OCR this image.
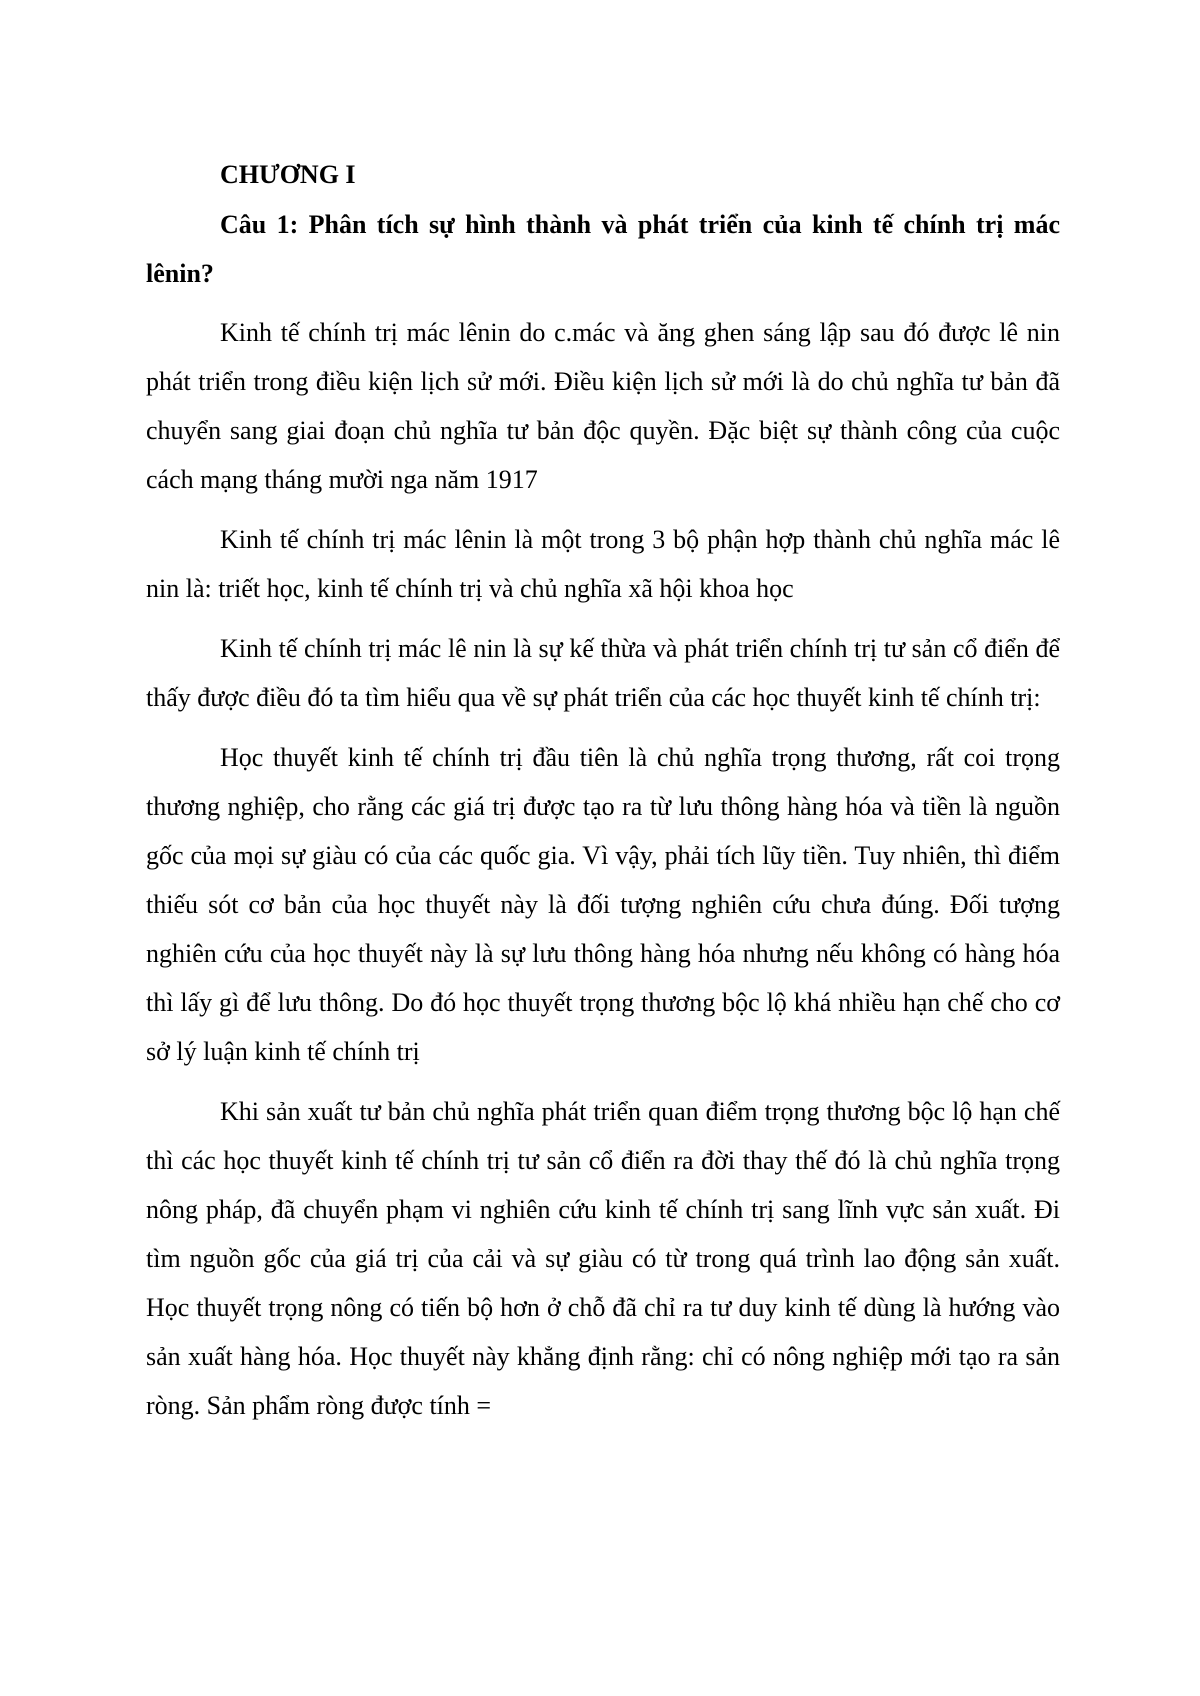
CHƯƠNG I
Câu 1: Phân tích sự hình thành và phát triển của kinh tế chính trị mác lênin?

Kinh tế chính trị mác lênin do c.mác và ăng ghen sáng lập sau đó được lê nin phát triển trong điều kiện lịch sử mới. Điều kiện lịch sử mới là do chủ nghĩa tư bản đã chuyển sang giai đoạn chủ nghĩa tư bản độc quyền. Đặc biệt sự thành công của cuộc cách mạng tháng mười nga năm 1917

Kinh tế chính trị mác lênin là một trong 3 bộ phận hợp thành chủ nghĩa mác lê nin là: triết học, kinh tế chính trị và chủ nghĩa xã hội khoa học

Kinh tế chính trị mác lê nin là sự kế thừa và phát triển chính trị tư sản cổ điển để thấy được điều đó ta tìm hiểu qua về sự phát triển của các học thuyết kinh tế chính trị:

Học thuyết kinh tế chính trị đầu tiên là chủ nghĩa trọng thương, rất coi trọng thương nghiệp, cho rằng các giá trị được tạo ra từ lưu thông hàng hóa và tiền là nguồn gốc của mọi sự giàu có của các quốc gia. Vì vậy, phải tích lũy tiền. Tuy nhiên, thì điểm thiếu sót cơ bản của học thuyết này là đối tượng nghiên cứu chưa đúng. Đối tượng nghiên cứu của học thuyết này là sự lưu thông hàng hóa nhưng nếu không có hàng hóa thì lấy gì để lưu thông. Do đó học thuyết trọng thương bộc lộ khá nhiều hạn chế cho cơ sở lý luận kinh tế chính trị

Khi sản xuất tư bản chủ nghĩa phát triển quan điểm trọng thương bộc lộ hạn chế thì các học thuyết kinh tế chính trị tư sản cổ điển ra đời thay thế đó là chủ nghĩa trọng nông pháp, đã chuyển phạm vi nghiên cứu kinh tế chính trị sang lĩnh vực sản xuất. Đi tìm nguồn gốc của giá trị của cải và sự giàu có từ trong quá trình lao động sản xuất. Học thuyết trọng nông có tiến bộ hơn ở chỗ đã chỉ ra tư duy kinh tế dùng là hướng vào sản xuất hàng hóa. Học thuyết này khẳng định rằng: chỉ có nông nghiệp mới tạo ra sản ròng. Sản phẩm ròng được tính =
